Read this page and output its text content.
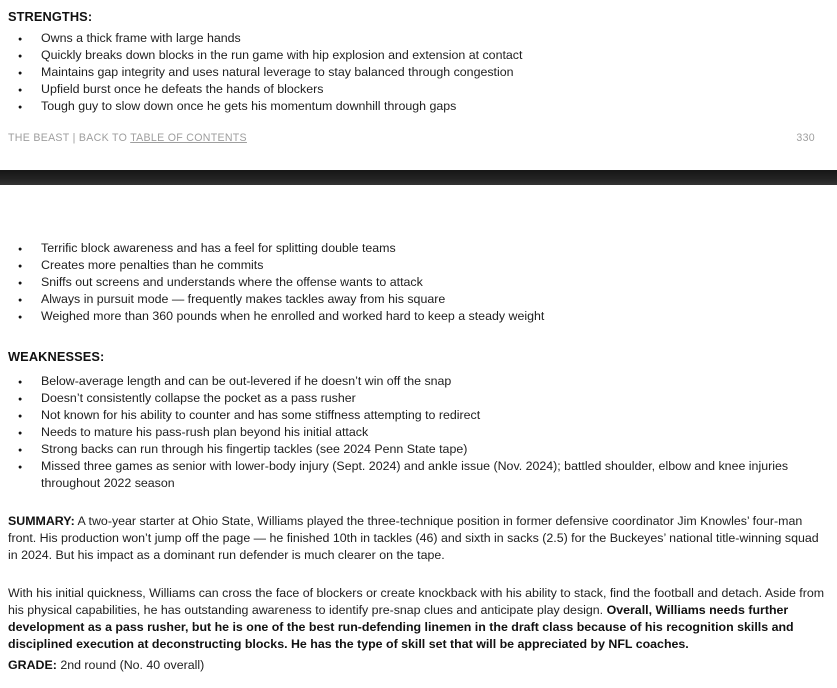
STRENGTHS:
● Owns a thick frame with large hands
● Quickly breaks down blocks in the run game with hip explosion and extension at contact
● Maintains gap integrity and uses natural leverage to stay balanced through congestion
● Upfield burst once he defeats the hands of blockers
● Tough guy to slow down once he gets his momentum downhill through gaps
THE BEAST | BACK TO TABLE OF CONTENTS	330
● Terrific block awareness and has a feel for splitting double teams
● Creates more penalties than he commits
● Sniffs out screens and understands where the offense wants to attack
● Always in pursuit mode — frequently makes tackles away from his square
● Weighed more than 360 pounds when he enrolled and worked hard to keep a steady weight
WEAKNESSES:
● Below-average length and can be out-levered if he doesn’t win off the snap
● Doesn’t consistently collapse the pocket as a pass rusher
● Not known for his ability to counter and has some stiffness attempting to redirect
● Needs to mature his pass-rush plan beyond his initial attack
● Strong backs can run through his fingertip tackles (see 2024 Penn State tape)
● Missed three games as senior with lower-body injury (Sept. 2024) and ankle issue (Nov. 2024); battled shoulder, elbow and knee injuries throughout 2022 season

SUMMARY: A two-year starter at Ohio State, Williams played the three-technique position in former defensive coordinator Jim Knowles’ four-man front. His production won’t jump off the page — he finished 10th in tackles (46) and sixth in sacks (2.5) for the Buckeyes’ national title-winning squad in 2024. But his impact as a dominant run defender is much clearer on the tape.

With his initial quickness, Williams can cross the face of blockers or create knockback with his ability to stack, find the football and detach. Aside from his physical capabilities, he has outstanding awareness to identify pre-snap clues and anticipate play design. Overall, Williams needs further development as a pass rusher, but he is one of the best run-defending linemen in the draft class because of his recognition skills and disciplined execution at deconstructing blocks. He has the type of skill set that will be appreciated by NFL coaches.

GRADE: 2nd round (No. 40 overall)
